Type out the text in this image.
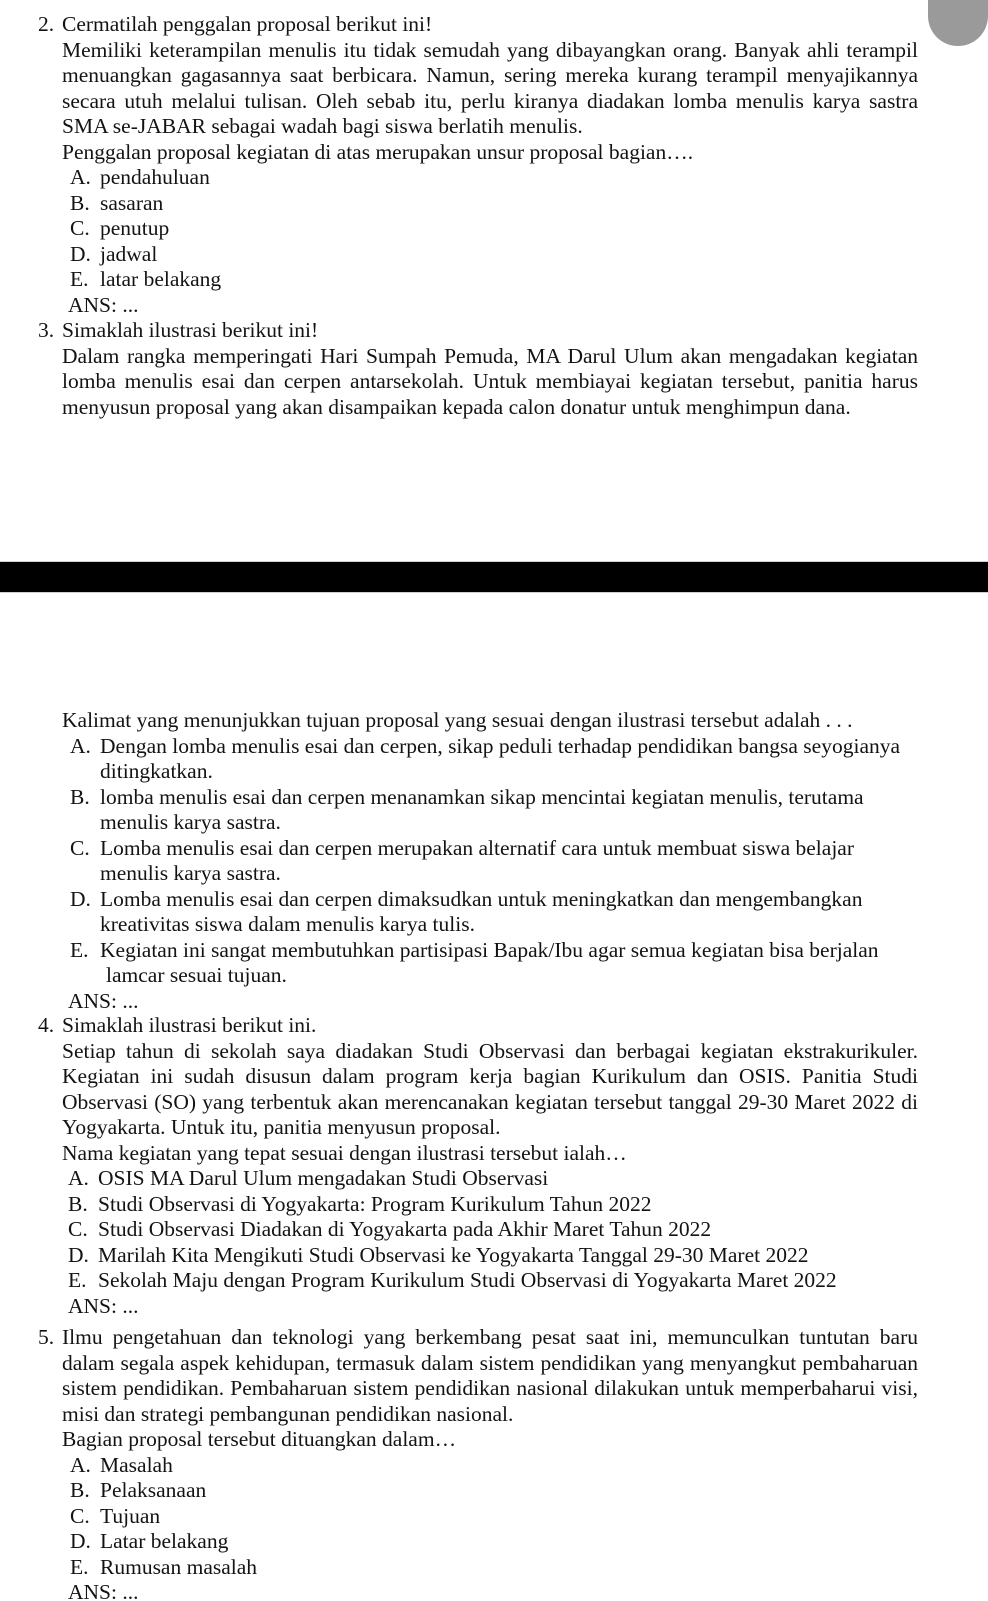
2. Cermatilah penggalan proposal berikut ini!
Memiliki keterampilan menulis itu tidak semudah yang dibayangkan orang. Banyak ahli terampil menuangkan gagasannya saat berbicara. Namun, sering mereka kurang terampil menyajikannya secara utuh melalui tulisan. Oleh sebab itu, perlu kiranya diadakan lomba menulis karya sastra SMA se-JABAR sebagai wadah bagi siswa berlatih menulis.
Penggalan proposal kegiatan di atas merupakan unsur proposal bagian….
A. pendahuluan
B. sasaran
C. penutup
D. jadwal
E. latar belakang
ANS: ...
3. Simaklah ilustrasi berikut ini!
Dalam rangka memperingati Hari Sumpah Pemuda, MA Darul Ulum akan mengadakan kegiatan lomba menulis esai dan cerpen antarsekolah. Untuk membiayai kegiatan tersebut, panitia harus menyusun proposal yang akan disampaikan kepada calon donatur untuk menghimpun dana.
Kalimat yang menunjukkan tujuan proposal yang sesuai dengan ilustrasi tersebut adalah . . .
A. Dengan lomba menulis esai dan cerpen, sikap peduli terhadap pendidikan bangsa seyogianya
ditingkatkan.
B. lomba menulis esai dan cerpen menanamkan sikap mencintai kegiatan menulis, terutama
menulis karya sastra.
C. Lomba menulis esai dan cerpen merupakan alternatif cara untuk membuat siswa belajar
menulis karya sastra.
D. Lomba menulis esai dan cerpen dimaksudkan untuk meningkatkan dan mengembangkan
kreativitas siswa dalam menulis karya tulis.
E. Kegiatan ini sangat membutuhkan partisipasi Bapak/Ibu agar semua kegiatan bisa berjalan
lamcar sesuai tujuan.
ANS: ...
4. Simaklah ilustrasi berikut ini.
Setiap tahun di sekolah saya diadakan Studi Observasi dan berbagai kegiatan ekstrakurikuler. Kegiatan ini sudah disusun dalam program kerja bagian Kurikulum dan OSIS. Panitia Studi Observasi (SO) yang terbentuk akan merencanakan kegiatan tersebut tanggal 29-30 Maret 2022 di Yogyakarta. Untuk itu, panitia menyusun proposal.
Nama kegiatan yang tepat sesuai dengan ilustrasi tersebut ialah…
A. OSIS MA Darul Ulum mengadakan Studi Observasi
B. Studi Observasi di Yogyakarta: Program Kurikulum Tahun 2022
C. Studi Observasi Diadakan di Yogyakarta pada Akhir Maret Tahun 2022
D. Marilah Kita Mengikuti Studi Observasi ke Yogyakarta Tanggal 29-30 Maret 2022
E. Sekolah Maju dengan Program Kurikulum Studi Observasi di Yogyakarta Maret 2022
ANS: ...
5. Ilmu pengetahuan dan teknologi yang berkembang pesat saat ini, memunculkan tuntutan baru dalam segala aspek kehidupan, termasuk dalam sistem pendidikan yang menyangkut pembaharuan sistem pendidikan. Pembaharuan sistem pendidikan nasional dilakukan untuk memperbaharui visi, misi dan strategi pembangunan pendidikan nasional.
Bagian proposal tersebut dituangkan dalam…
A. Masalah
B. Pelaksanaan
C. Tujuan
D. Latar belakang
E. Rumusan masalah
ANS: ...
